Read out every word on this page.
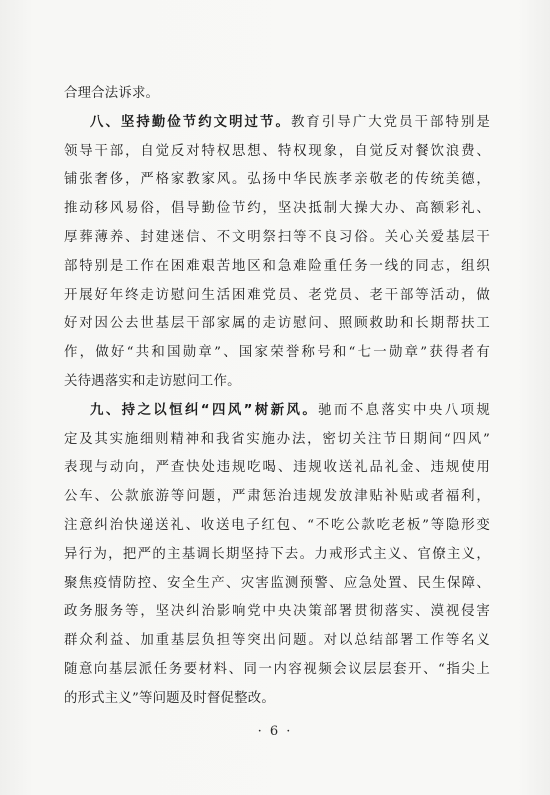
合理合法诉求。
八、坚持勤俭节约文明过节。教育引导广大党员干部特别是
领导干部，自觉反对特权思想、特权现象，自觉反对餐饮浪费、
铺张奢侈，严格家教家风。弘扬中华民族孝亲敬老的传统美德，
推动移风易俗，倡导勤俭节约，坚决抵制大操大办、高额彩礼、
厚葬薄养、封建迷信、不文明祭扫等不良习俗。关心关爱基层干
部特别是工作在困难艰苦地区和急难险重任务一线的同志，组织
开展好年终走访慰问生活困难党员、老党员、老干部等活动，做
好对因公去世基层干部家属的走访慰问、照顾救助和长期帮扶工
作，做好“共和国勋章”、国家荣誉称号和“七一勋章”获得者有
关待遇落实和走访慰问工作。
九、持之以恒纠“四风”树新风。驰而不息落实中央八项规
定及其实施细则精神和我省实施办法，密切关注节日期间“四风”
表现与动向，严查快处违规吃喝、违规收送礼品礼金、违规使用
公车、公款旅游等问题，严肃惩治违规发放津贴补贴或者福利，
注意纠治快递送礼、收送电子红包、“不吃公款吃老板”等隐形变
异行为，把严的主基调长期坚持下去。力戒形式主义、官僚主义，
聚焦疫情防控、安全生产、灾害监测预警、应急处置、民生保障、
政务服务等，坚决纠治影响党中央决策部署贯彻落实、漠视侵害
群众利益、加重基层负担等突出问题。对以总结部署工作等名义
随意向基层派任务要材料、同一内容视频会议层层套开、“指尖上
的形式主义”等问题及时督促整改。
· 6 ·
